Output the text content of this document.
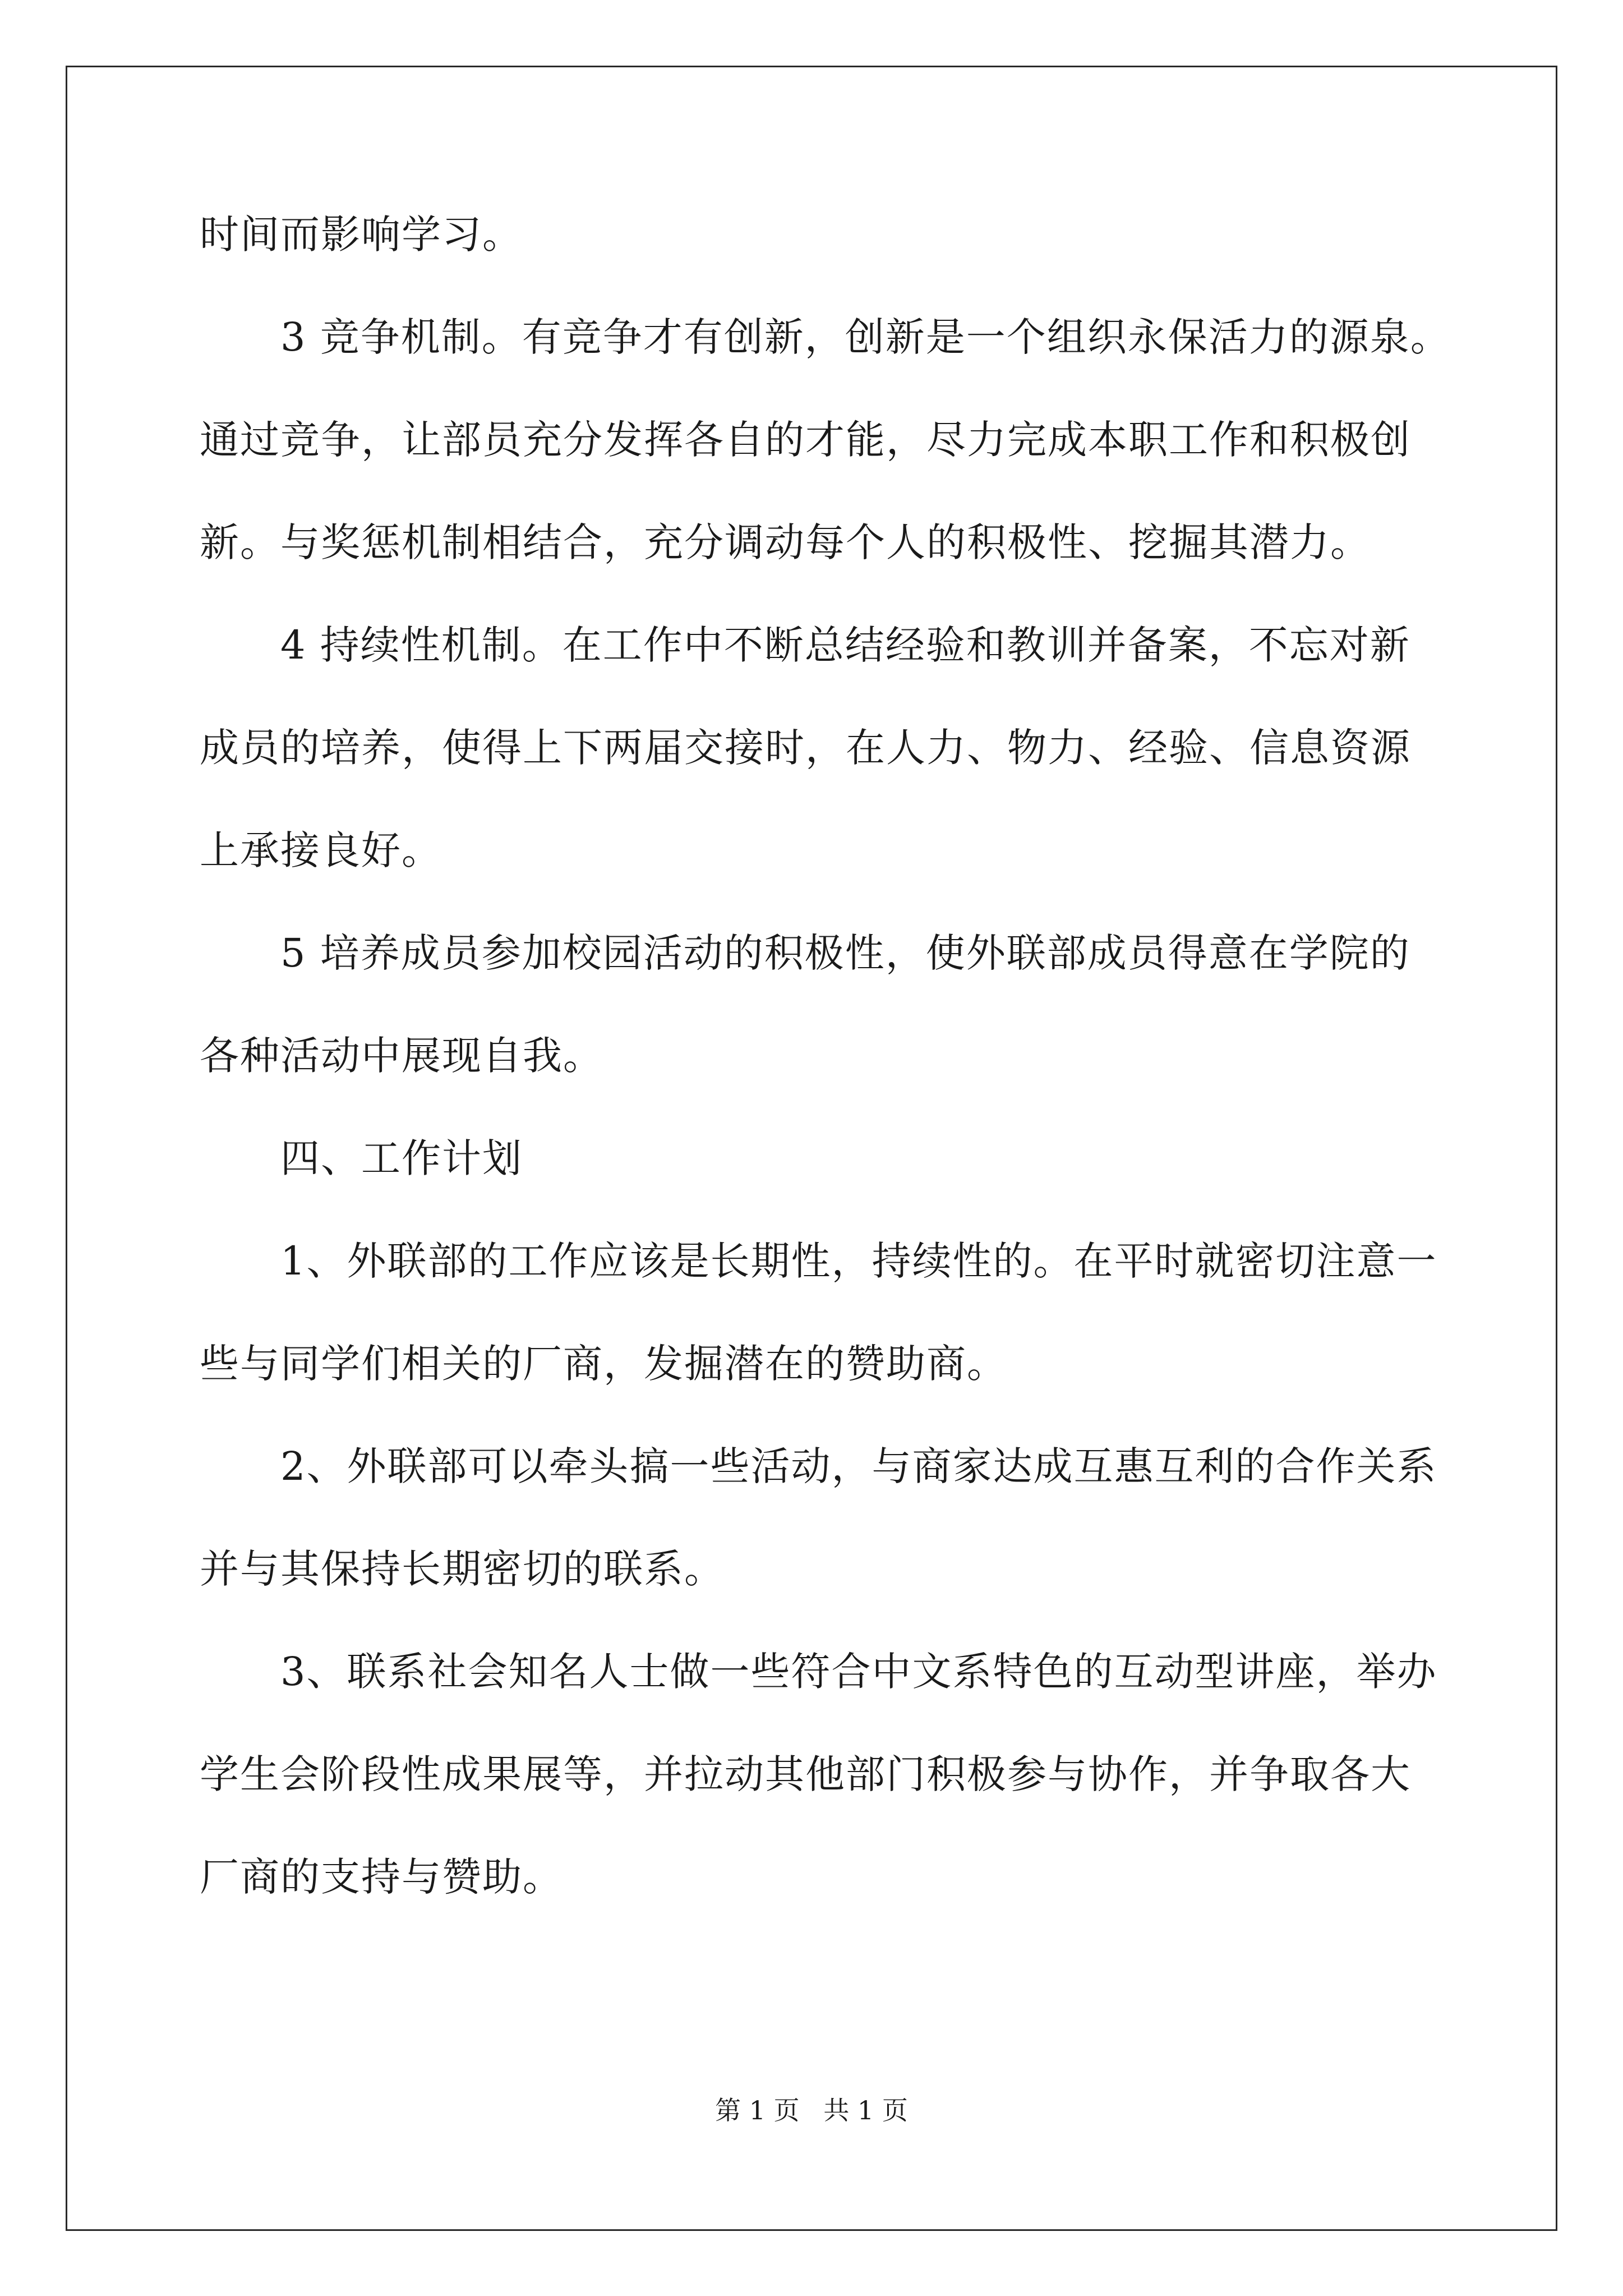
时间而影响学习。
3 竞争机制。有竞争才有创新，创新是一个组织永保活力的源泉。
通过竞争，让部员充分发挥各自的才能，尽力完成本职工作和积极创
新。与奖惩机制相结合，充分调动每个人的积极性、挖掘其潜力。
4 持续性机制。在工作中不断总结经验和教训并备案，不忘对新
成员的培养，使得上下两届交接时，在人力、物力、经验、信息资源
上承接良好。
5 培养成员参加校园活动的积极性，使外联部成员得意在学院的
各种活动中展现自我。
四、工作计划
1、外联部的工作应该是长期性，持续性的。在平时就密切注意一
些与同学们相关的厂商，发掘潜在的赞助商。
2、外联部可以牵头搞一些活动，与商家达成互惠互利的合作关系
并与其保持长期密切的联系。
3、联系社会知名人士做一些符合中文系特色的互动型讲座，举办
学生会阶段性成果展等，并拉动其他部门积极参与协作，并争取各大
厂商的支持与赞助。
第 1 页 共 1 页
